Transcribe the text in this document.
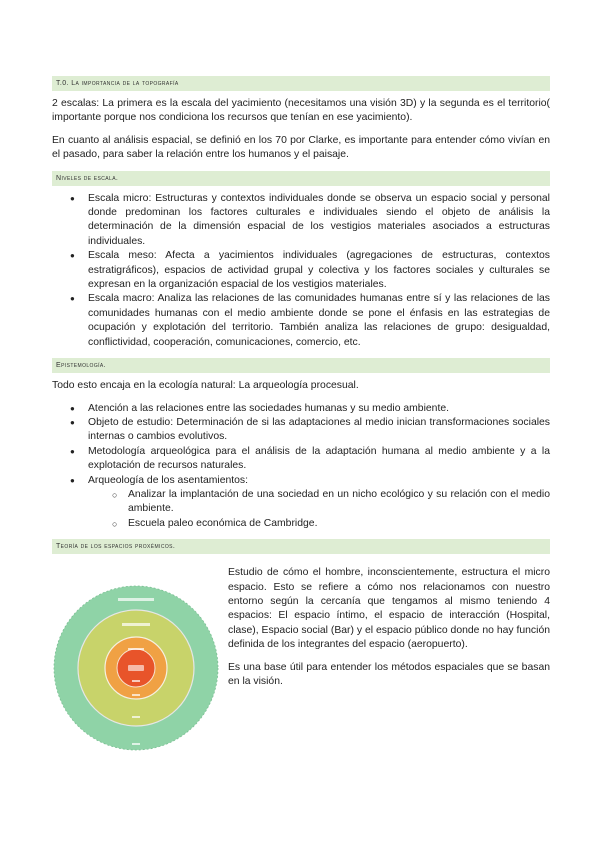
T.0. La importancia de la topografía

2 escalas: La primera es la escala del yacimiento (necesitamos una visión 3D) y la segunda es el territorio( importante porque nos condiciona los recursos que tenían en ese yacimiento).

En cuanto al análisis espacial, se definió en los 70 por Clarke, es importante para entender cómo vivían en el pasado, para saber la relación entre los humanos y el paisaje.

Niveles de escala.
● Escala micro: Estructuras y contextos individuales donde se observa un espacio social y personal donde predominan los factores culturales e individuales siendo el objeto de análisis la determinación de la dimensión espacial de los vestigios materiales asociados a estructuras individuales.
● Escala meso: Afecta a yacimientos individuales (agregaciones de estructuras, contextos estratigráficos), espacios de actividad grupal y colectiva y los factores sociales y culturales se expresan en la organización espacial de los vestigios materiales.
● Escala macro: Analiza las relaciones de las comunidades humanas entre sí y las relaciones de las comunidades humanas con el medio ambiente donde se pone el énfasis en las estrategias de ocupación y explotación del territorio. También analiza las relaciones de grupo: desigualdad, conflictividad, cooperación, comunicaciones, comercio, etc.
Epistemología.

Todo esto encaja en la ecología natural: La arqueología procesual.

● Atención a las relaciones entre las sociedades humanas y su medio ambiente.
● Objeto de estudio: Determinación de si las adaptaciones al medio inician transformaciones sociales internas o cambios evolutivos.
● Metodología arqueológica para el análisis de la adaptación humana al medio ambiente y a la explotación de recursos naturales.
● Arqueología de los asentamientos:
○ Analizar la implantación de una sociedad en un nicho ecológico y su relación con el medio ambiente.
○ Escuela paleo económica de Cambridge.
Teoría de los espacios proxémicos.

Estudio de cómo el hombre, inconscientemente, estructura el micro espacio. Esto se refiere a cómo nos relacionamos con nuestro entorno según la cercanía que tengamos al mismo teniendo 4 espacios: El espacio íntimo, el espacio de interacción (Hospital, clase), Espacio social (Bar) y el espacio público donde no hay función definida de los integrantes del espacio (aeropuerto).

Es una base útil para entender los métodos espaciales que se basan en la visión.
